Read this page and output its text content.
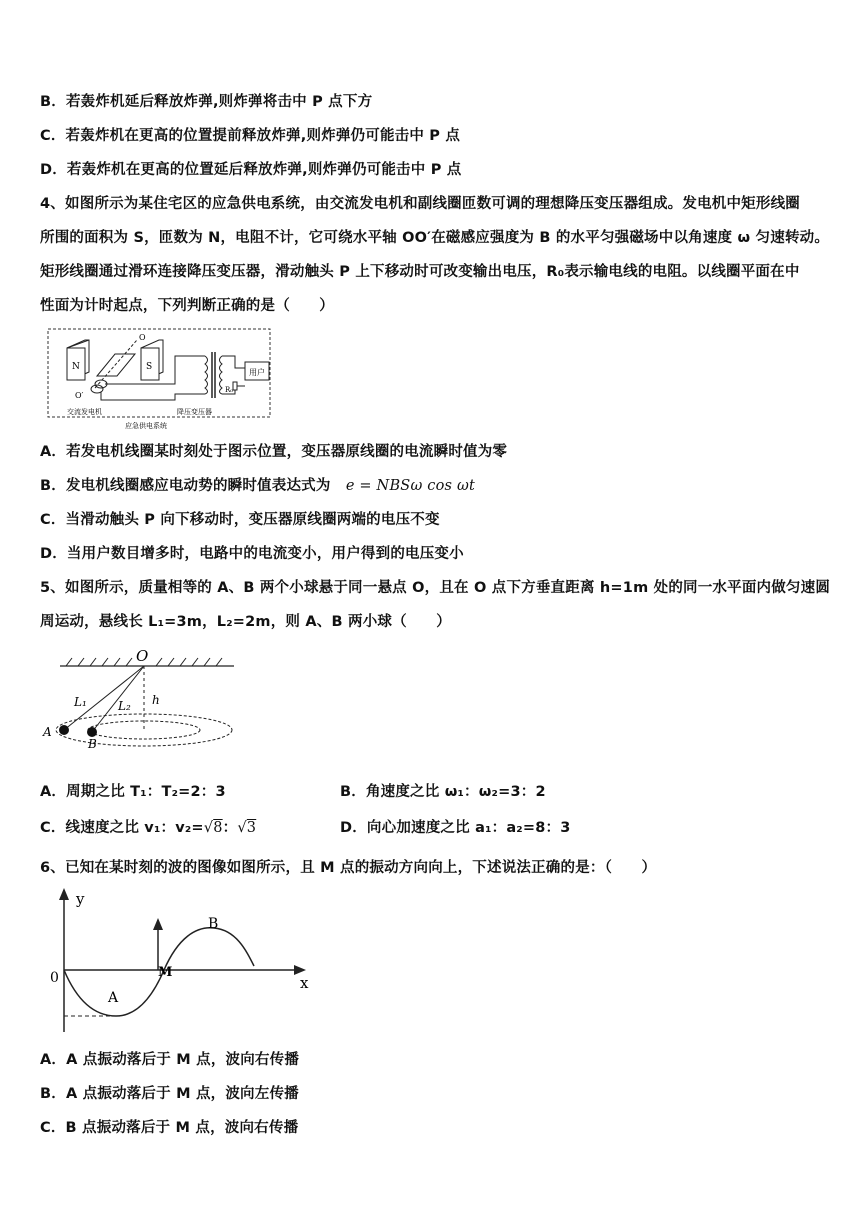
B．若轰炸机延后释放炸弹,则炸弹将击中 P 点下方
C．若轰炸机在更高的位置提前释放炸弹,则炸弹仍可能击中 P 点
D．若轰炸机在更高的位置延后释放炸弹,则炸弹仍可能击中 P 点
4、如图所示为某住宅区的应急供电系统，由交流发电机和副线圈匝数可调的理想降压变压器组成。发电机中矩形线圈
所围的面积为 S，匝数为 N，电阻不计，它可绕水平轴 OO′在磁感应强度为 B 的水平匀强磁场中以角速度 ω 匀速转动。
矩形线圈通过滑环连接降压变压器，滑动触头 P 上下移动时可改变输出电压，R₀表示输电线的电阻。以线圈平面在中
性面为计时起点，下列判断正确的是（　　）
N	S
O
O′
用户
R₀
交流发电机	降压变压器
应急供电系统
A．若发电机线圈某时刻处于图示位置，变压器原线圈的电流瞬时值为零
B．发电机线圈感应电动势的瞬时值表达式为 e = NBSω cos ωt
C．当滑动触头 P 向下移动时，变压器原线圈两端的电压不变
D．当用户数目增多时，电路中的电流变小，用户得到的电压变小
5、如图所示，质量相等的 A、B 两个小球悬于同一悬点 O，且在 O 点下方垂直距离 h=1m 处的同一水平面内做匀速圆
周运动，悬线长 L₁=3m，L₂=2m，则 A、B 两小球（　　）
O
L₁	L₂ h
A
B
A．周期之比 T₁：T₂=2：3	B．角速度之比 ω₁：ω₂=3：2
C．线速度之比 v₁：v₂=√8：√3	D．向心加速度之比 a₁：a₂=8：3
6、已知在某时刻的波的图像如图所示，且 M 点的振动方向向上，下述说法正确的是：（　　）
y
x
0
A
B
M
A．A 点振动落后于 M 点，波向右传播
B．A 点振动落后于 M 点，波向左传播
C．B 点振动落后于 M 点，波向右传播
